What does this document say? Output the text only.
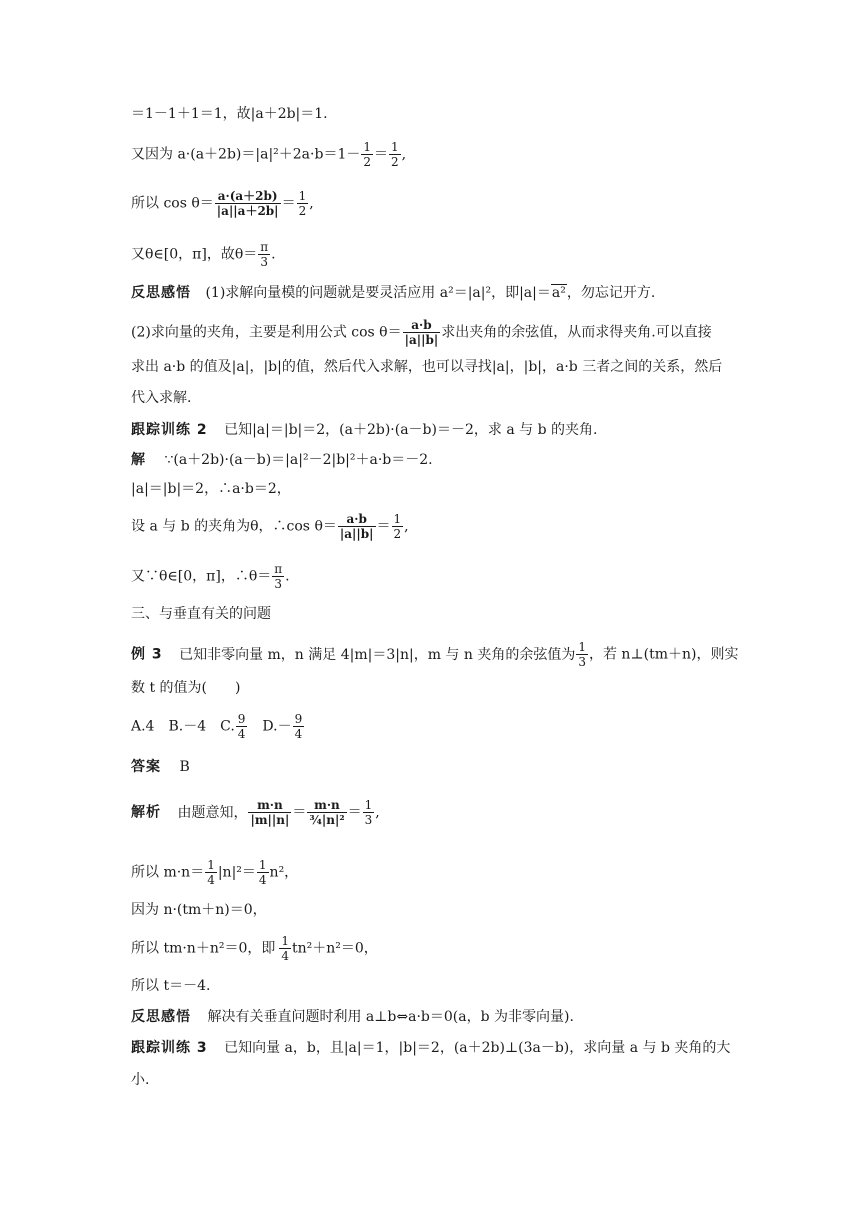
＝1－1＋1＝1，故|a＋2b|＝1.
又因为 $a\cdot(a+2b)=|a|^2+2a\cdot b=1- \frac{1}{2} = \frac{1}{2}$ ,
所以 $\cos \theta= \frac{a\cdot(a+2b)}{|a||a+2b|} = \frac{1}{2}$ ,
又θ∈[0，π]，故$\theta= \frac{\pi}{3}$ .
反思感悟 (1)求解向量模的问题就是要灵活应用 a²＝|a|²，即|a|＝a²，勿忘记开方.
(2)求向量的夹角，主要是利用公式 $\cos \theta= \frac{a\cdot b}{|a||b|}$ 求出夹角的余弦值，从而求得夹角.可以直接
求出 a·b 的值及|a|，|b|的值，然后代入求解，也可以寻找|a|，|b|，a·b 三者之间的关系，然后
代入求解.
跟踪训练 2 已知|a|＝|b|＝2，(a＋2b)·(a－b)＝－2，求 a 与 b 的夹角.
解 ∵(a＋2b)·(a－b)＝|a|²－2|b|²＋a·b＝－2.
|a|＝|b|＝2，∴a·b＝2，
设 a 与 b 的夹角为θ，∴cos $\theta= \frac{a\cdot b}{|a||b|} = \frac{1}{2}$ ,
又∵θ∈[0，π]，∴θ＝ $\frac{\pi}{3}$ .
三、与垂直有关的问题
例 3 已知非零向量 m，n 满足 4|m|＝3|n|，m 与 n 夹角的余弦值为 $\frac{1}{3}$ ，若 n⊥(tm＋n)，则实
数 t 的值为(　　)
A.4　B.－4　C. $\frac{9}{4}$ 　$D.- \frac{9}{4}$
答案 B
解析 由题意知， $\frac{m\cdot n}{|m||n|} = \frac{m\cdot n}{\text{¾|n|²}} = \frac{1}{3}$ ,
所以 $m\cdot n= \frac{1}{4} |n|^2= \frac{1}{4} n^2$，
因为 n·(tm＋n)＝0，
所以 tm·n＋n²＝0，即 $\frac{1}{4} tn^2+n^2=0$，
所以 t＝－4.
反思感悟 解决有关垂直问题时利用 a⊥b⇔a·b＝0(a，b 为非零向量).
跟踪训练 3 已知向量 a，b，且|a|＝1，|b|＝2，(a＋2b)⊥(3a－b)，求向量 a 与 b 夹角的大
小.
